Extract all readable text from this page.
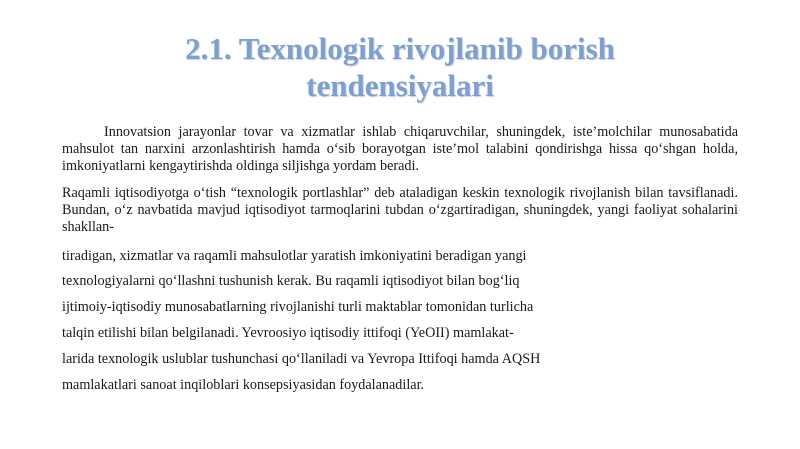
2.1. Texnologik rivojlanib borish tendensiyalari

Innovatsion jarayonlar tovar va xizmatlar ishlab chiqaruvchilar, shuningdek, iste’molchilar munosabatida mahsulot tan narxini arzonlashtirish hamda o‘sib borayotgan iste’mol talabini qondirishga hissa qo‘shgan holda, imkoniyatlarni kengaytirishda oldinga siljishga yordam beradi.

Raqamli iqtisodiyotga o‘tish “texnologik portlashlar” deb ataladigan keskin texnologik rivojlanish bilan tavsiflanadi. Bundan, o‘z navbatida mavjud iqtisodiyot tarmoqlarini tubdan o‘zgartiradigan, shuningdek, yangi faoliyat sohalarini shakllan-

tiradigan, xizmatlar va raqamli mahsulotlar yaratish imkoniyatini beradigan yangi

texnologiyalarni qo‘llashni tushunish kerak. Bu raqamli iqtisodiyot bilan bog‘liq

ijtimoiy-iqtisodiy munosabatlarning rivojlanishi turli maktablar tomonidan turlicha

talqin etilishi bilan belgilanadi. Yevroosiyo iqtisodiy ittifoqi (YeOII) mamlakat-

larida texnologik uslublar tushunchasi qo‘llaniladi va Yevropa Ittifoqi hamda AQSH

mamlakatlari sanoat inqiloblari konsepsiyasidan foydalanadilar.
